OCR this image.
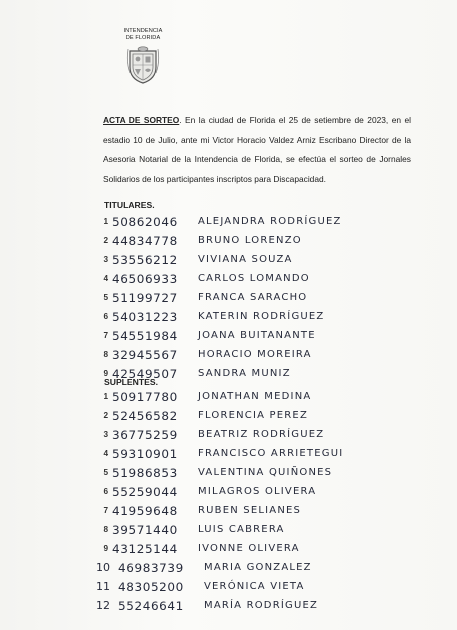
INTENDENCIA
DE FLORIDA
ACTA DE SORTEO. En la ciudad de Florida el 25 de setiembre de 2023, en el estadio 10 de Julio, ante mi Victor Horacio Valdez Arniz Escribano Director de la Asesoria Notarial de la Intendencia de Florida, se efectúa el sorteo de Jornales Solidarios de los participantes inscriptos para Discapacidad.
TITULARES.
1 50862046 ALEJANDRA RODRÍGUEZ
2 44834778 BRUNO LORENZO
3 53556212 VIVIANA SOUZA
4 46506933 CARLOS LOMANDO
5 51199727 FRANCA SARACHO
6 54031223 KATERIN RODRÍGUEZ
7 54551984 JOANA BUITANANTE
8 32945567 HORACIO MOREIRA
9 42549507 SANDRA MUNIZ
SUPLENTES.
1 50917780 JONATHAN MEDINA
2 52456582 FLORENCIA PEREZ
3 36775259 BEATRIZ RODRÍGUEZ
4 59310901 FRANCISCO ARRIETEGUI
5 51986853 VALENTINA QUIÑONES
6 55259044 MILAGROS OLIVERA
7 41959648 RUBEN SELIANES
8 39571440 LUIS CABRERA
9 43125144 IVONNE OLIVERA
10 46983739 MARIA GONZALEZ
11 48305200 VERÓNICA VIETA
12 55246641 MARÍA RODRÍGUEZ
